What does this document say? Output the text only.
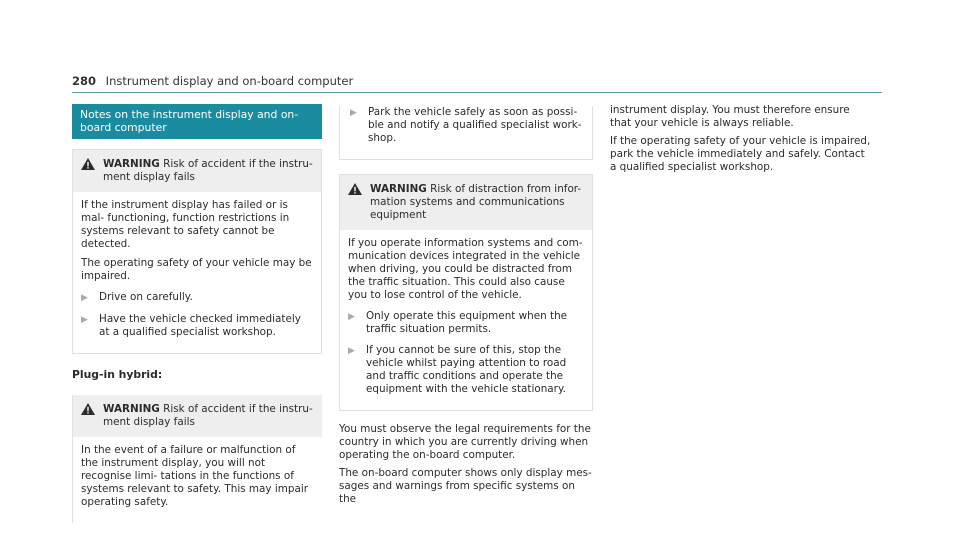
280 Instrument display and on-board computer
Notes on the instrument display and on-board computer
WARNING Risk of accident if the instru- ment display fails

If the instrument display has failed or is mal- functioning, function restrictions in systems relevant to safety cannot be detected.

The operating safety of your vehicle may be impaired.

▶	Drive on carefully.
▶	Have the vehicle checked immediately at a qualified specialist workshop.
Plug-in hybrid:
WARNING Risk of accident if the instru- ment display fails

In the event of a failure or malfunction of the instrument display, you will not recognise limi- tations in the functions of systems relevant to safety. This may impair operating safety.

▶	Park the vehicle safely as soon as possi- ble and notify a qualified specialist work- shop.
WARNING Risk of distraction from infor- mation systems and communications equipment

If you operate information systems and com- munication devices integrated in the vehicle when driving, you could be distracted from the traffic situation. This could also cause you to lose control of the vehicle.

▶	Only operate this equipment when the traffic situation permits.
▶	If you cannot be sure of this, stop the vehicle whilst paying attention to road and traffic conditions and operate the equipment with the vehicle stationary.

You must observe the legal requirements for the country in which you are currently driving when operating the on-board computer.

The on-board computer shows only display mes- sages and warnings from specific systems on the

instrument display. You must therefore ensure that your vehicle is always reliable.

If the operating safety of your vehicle is impaired, park the vehicle immediately and safely. Contact a qualified specialist workshop.
